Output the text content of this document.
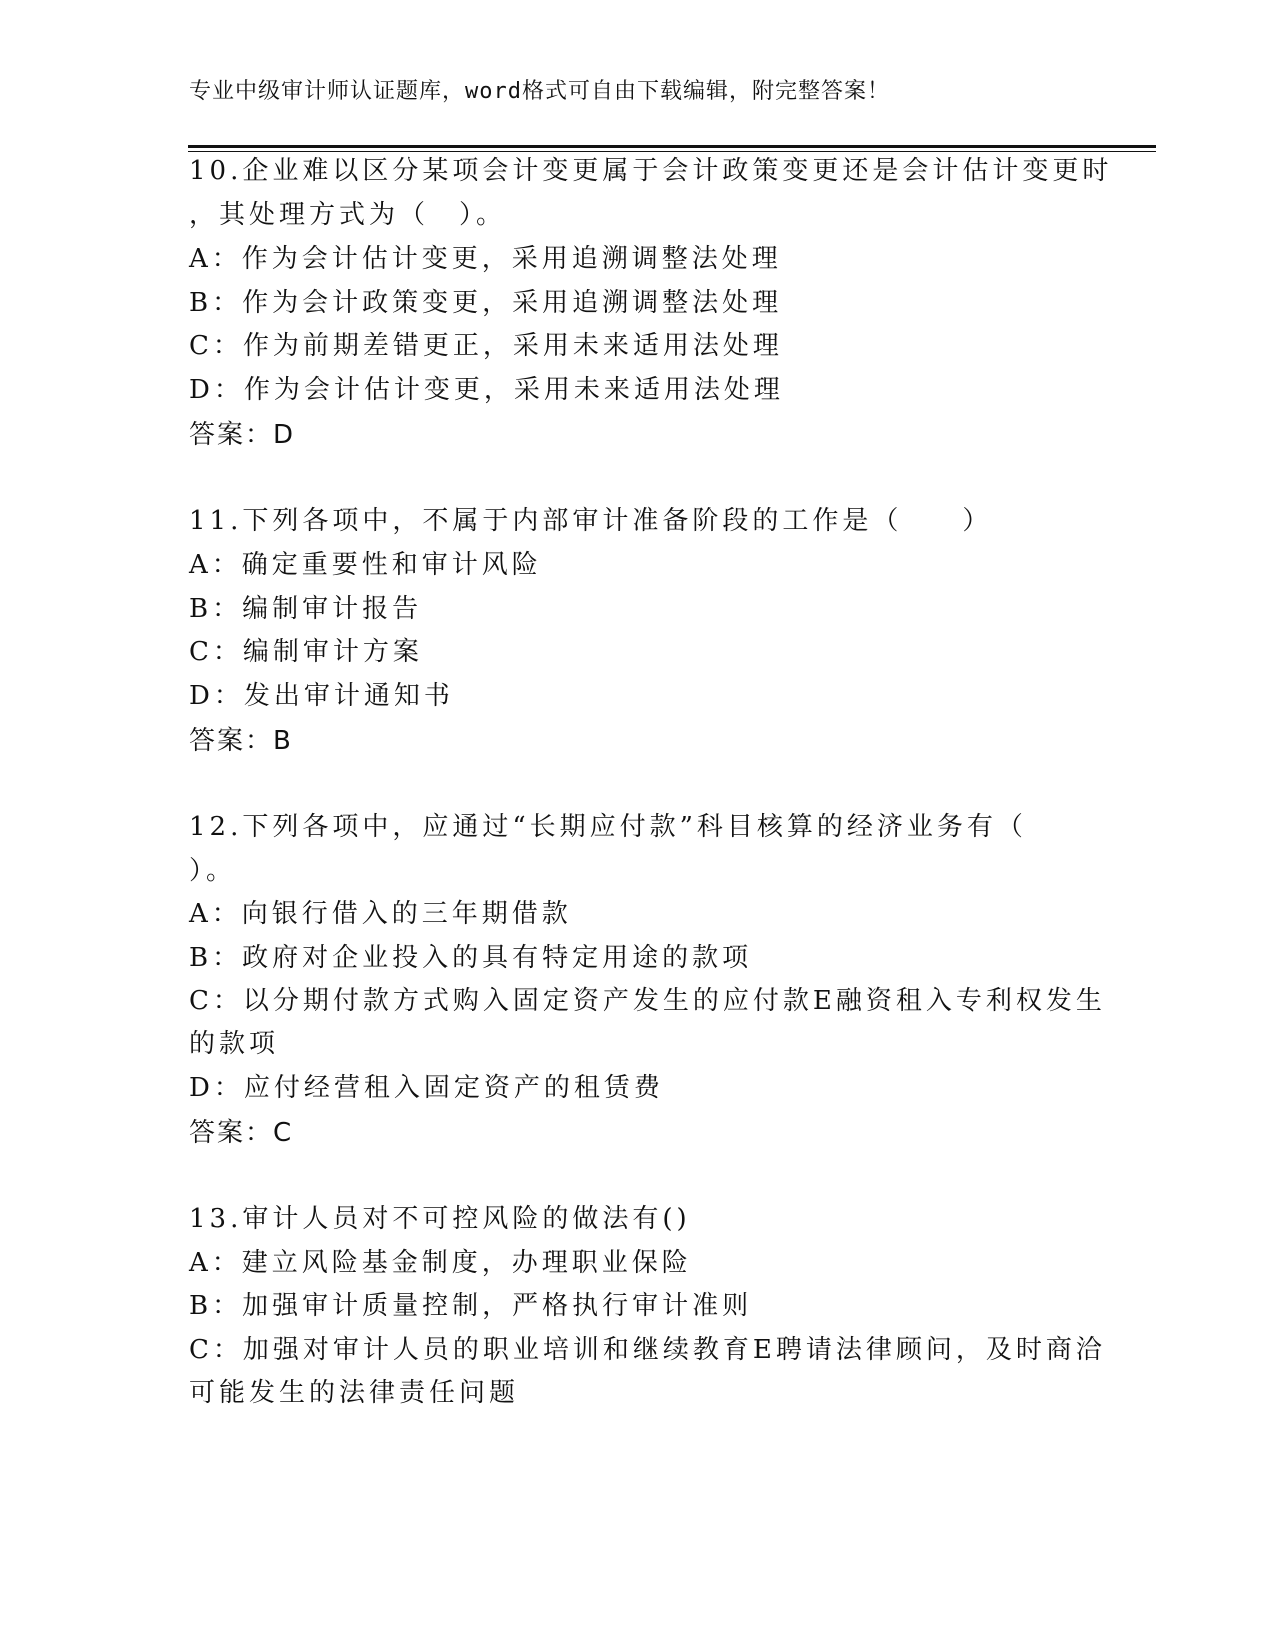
专业中级审计师认证题库，word格式可自由下载编辑，附完整答案！
10.企业难以区分某项会计变更属于会计政策变更还是会计估计变更时
，其处理方式为（　）。
A：作为会计估计变更，采用追溯调整法处理
B：作为会计政策变更，采用追溯调整法处理
C：作为前期差错更正，采用未来适用法处理
D：作为会计估计变更，采用未来适用法处理
答案：D
11.下列各项中，不属于内部审计准备阶段的工作是（　　）
A：确定重要性和审计风险
B：编制审计报告
C：编制审计方案
D：发出审计通知书
答案：B
12.下列各项中，应通过“长期应付款”科目核算的经济业务有（
）。
A：向银行借入的三年期借款
B：政府对企业投入的具有特定用途的款项
C：以分期付款方式购入固定资产发生的应付款E融资租入专利权发生
的款项
D：应付经营租入固定资产的租赁费
答案：C
13.审计人员对不可控风险的做法有()
A：建立风险基金制度，办理职业保险
B：加强审计质量控制，严格执行审计准则
C：加强对审计人员的职业培训和继续教育E聘请法律顾问，及时商洽
可能发生的法律责任问题
